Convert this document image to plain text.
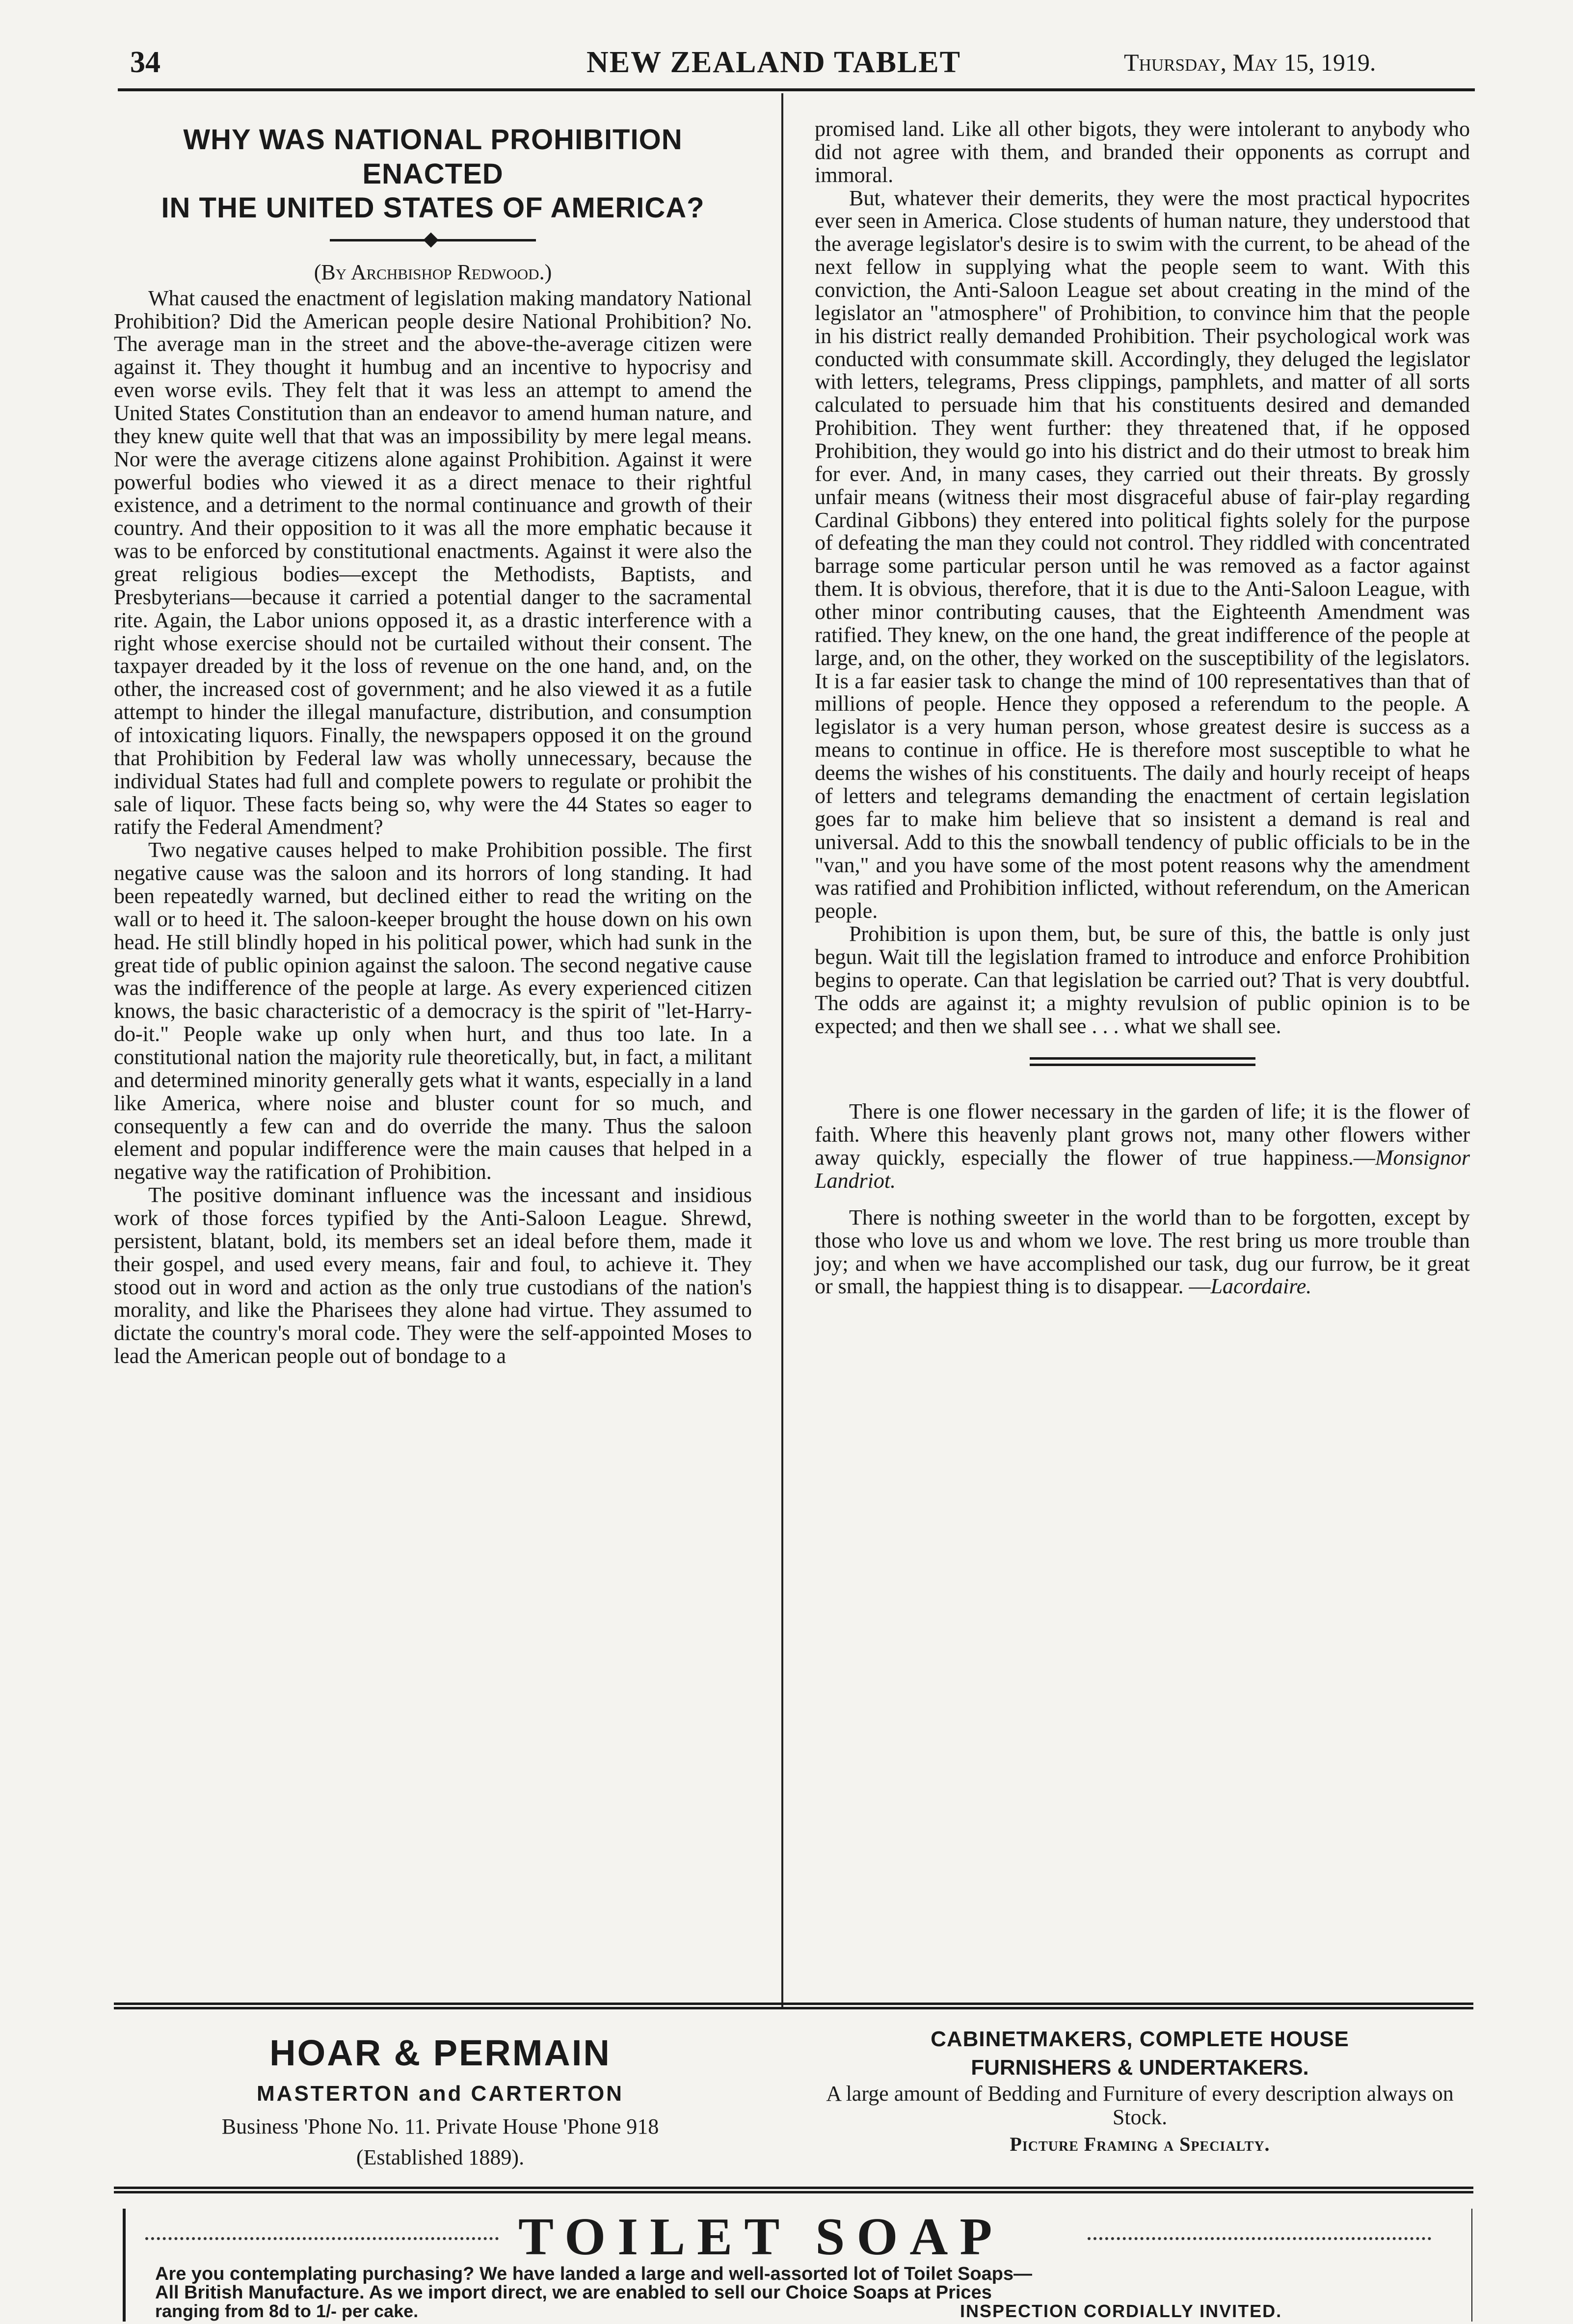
34	NEW ZEALAND TABLET	Thursday, May 15, 1919.
WHY WAS NATIONAL PROHIBITION ENACTED
IN THE UNITED STATES OF AMERICA?
(By Archbishop Redwood.)

What caused the enactment of legislation making mandatory National Prohibition? Did the American people desire National Prohibition? No. The average man in the street and the above-the-average citizen were against it. They thought it humbug and an incentive to hypocrisy and even worse evils. They felt that it was less an attempt to amend the United States Constitution than an endeavor to amend human nature, and they knew quite well that that was an impossibility by mere legal means. Nor were the average citizens alone against Prohibition. Against it were powerful bodies who viewed it as a direct menace to their rightful existence, and a detriment to the normal continuance and growth of their country. And their opposition to it was all the more emphatic because it was to be enforced by constitutional enactments. Against it were also the great religious bodies—except the Methodists, Baptists, and Presbyterians—because it carried a potential danger to the sacramental rite. Again, the Labor unions opposed it, as a drastic interference with a right whose exercise should not be curtailed without their consent. The taxpayer dreaded by it the loss of revenue on the one hand, and, on the other, the increased cost of government; and he also viewed it as a futile attempt to hinder the illegal manufacture, distribution, and consumption of intoxicating liquors. Finally, the newspapers opposed it on the ground that Prohibition by Federal law was wholly unnecessary, because the individual States had full and complete powers to regulate or prohibit the sale of liquor. These facts being so, why were the 44 States so eager to ratify the Federal Amendment?

Two negative causes helped to make Prohibition possible. The first negative cause was the saloon and its horrors of long standing. It had been repeatedly warned, but declined either to read the writing on the wall or to heed it. The saloon-keeper brought the house down on his own head. He still blindly hoped in his political power, which had sunk in the great tide of public opinion against the saloon. The second negative cause was the indifference of the people at large. As every experienced citizen knows, the basic characteristic of a democracy is the spirit of "let-Harry-do-it." People wake up only when hurt, and thus too late. In a constitutional nation the majority rule theoretically, but, in fact, a militant and determined minority generally gets what it wants, especially in a land like America, where noise and bluster count for so much, and consequently a few can and do override the many. Thus the saloon element and popular indifference were the main causes that helped in a negative way the ratification of Prohibition.

The positive dominant influence was the incessant and insidious work of those forces typified by the Anti-Saloon League. Shrewd, persistent, blatant, bold, its members set an ideal before them, made it their gospel, and used every means, fair and foul, to achieve it. They stood out in word and action as the only true custodians of the nation's morality, and like the Pharisees they alone had virtue. They assumed to dictate the country's moral code. They were the self-appointed Moses to lead the American people out of bondage to a

promised land. Like all other bigots, they were intolerant to anybody who did not agree with them, and branded their opponents as corrupt and immoral.

But, whatever their demerits, they were the most practical hypocrites ever seen in America. Close students of human nature, they understood that the average legislator's desire is to swim with the current, to be ahead of the next fellow in supplying what the people seem to want. With this conviction, the Anti-Saloon League set about creating in the mind of the legislator an "atmosphere" of Prohibition, to convince him that the people in his district really demanded Prohibition. Their psychological work was conducted with consummate skill. Accordingly, they deluged the legislator with letters, telegrams, Press clippings, pamphlets, and matter of all sorts calculated to persuade him that his constituents desired and demanded Prohibition. They went further: they threatened that, if he opposed Prohibition, they would go into his district and do their utmost to break him for ever. And, in many cases, they carried out their threats. By grossly unfair means (witness their most disgraceful abuse of fair-play regarding Cardinal Gibbons) they entered into political fights solely for the purpose of defeating the man they could not control. They riddled with concentrated barrage some particular person until he was removed as a factor against them. It is obvious, therefore, that it is due to the Anti-Saloon League, with other minor contributing causes, that the Eighteenth Amendment was ratified. They knew, on the one hand, the great indifference of the people at large, and, on the other, they worked on the susceptibility of the legislators. It is a far easier task to change the mind of 100 representatives than that of millions of people. Hence they opposed a referendum to the people. A legislator is a very human person, whose greatest desire is success as a means to continue in office. He is therefore most susceptible to what he deems the wishes of his constituents. The daily and hourly receipt of heaps of letters and telegrams demanding the enactment of certain legislation goes far to make him believe that so insistent a demand is real and universal. Add to this the snowball tendency of public officials to be in the "van," and you have some of the most potent reasons why the amendment was ratified and Prohibition inflicted, without referendum, on the American people.

Prohibition is upon them, but, be sure of this, the battle is only just begun. Wait till the legislation framed to introduce and enforce Prohibition begins to operate. Can that legislation be carried out? That is very doubtful. The odds are against it; a mighty revulsion of public opinion is to be expected; and then we shall see . . . what we shall see.

There is one flower necessary in the garden of life; it is the flower of faith. Where this heavenly plant grows not, many other flowers wither away quickly, especially the flower of true happiness.—Monsignor Landriot.

There is nothing sweeter in the world than to be forgotten, except by those who love us and whom we love. The rest bring us more trouble than joy; and when we have accomplished our task, dug our furrow, be it great or small, the happiest thing is to disappear. —Lacordaire.

HOAR & PERMAIN
MASTERTON and CARTERTON
Business 'Phone No. 11. Private House 'Phone 918
(Established 1889).
CABINETMAKERS, COMPLETE HOUSE
FURNISHERS & UNDERTAKERS.
A large amount of Bedding and Furniture of every description always on Stock.
Picture Framing a Specialty.
TOILET SOAP
Are you contemplating purchasing? We have landed a large and well-assorted lot of Toilet Soaps—
All British Manufacture. As we import direct, we are enabled to sell our Choice Soaps at Prices
ranging from 8d to 1/- per cake.	INSPECTION CORDIALLY INVITED.
